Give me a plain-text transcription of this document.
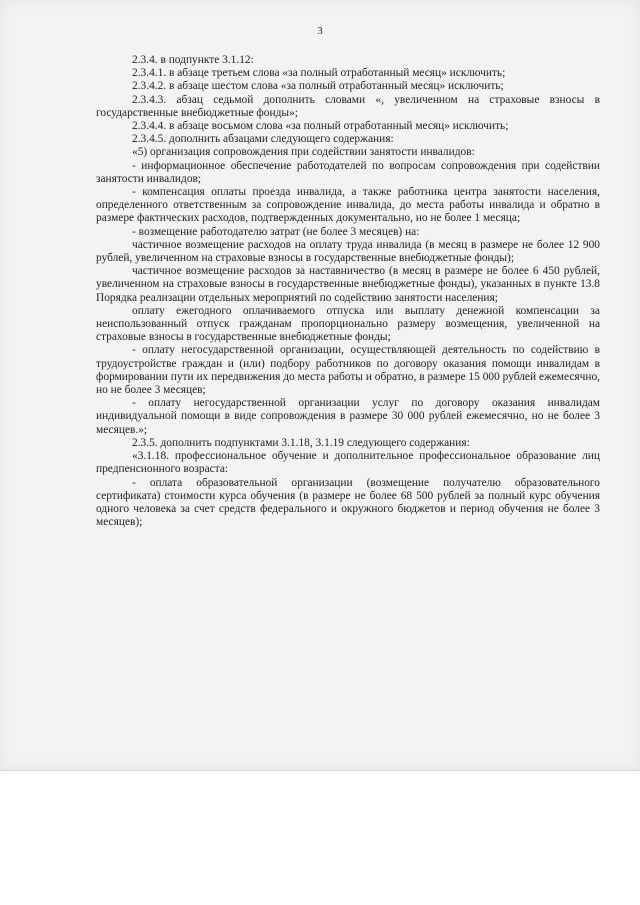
3

2.3.4. в подпункте 3.1.12:

2.3.4.1. в абзаце третьем слова «за полный отработанный месяц» исключить;

2.3.4.2. в абзаце шестом слова «за полный отработанный месяц» исключить;

2.3.4.3. абзац седьмой дополнить словами «, увеличенном на страховые взносы в государственные внебюджетные фонды»;

2.3.4.4. в абзаце восьмом слова «за полный отработанный месяц» исключить;

2.3.4.5. дополнить абзацами следующего содержания:

«5) организация сопровождения при содействии занятости инвалидов:

- информационное обеспечение работодателей по вопросам сопровождения при содействии занятости инвалидов;

- компенсация оплаты проезда инвалида, а также работника центра занятости населения, определенного ответственным за сопровождение инвалида, до места работы инвалида и обратно в размере фактических расходов, подтвержденных документально, но не более 1 месяца;

- возмещение работодателю затрат (не более 3 месяцев) на:

частичное возмещение расходов на оплату труда инвалида (в месяц в размере не более 12 900 рублей, увеличенном на страховые взносы в государственные внебюджетные фонды);

частичное возмещение расходов за наставничество (в месяц в размере не более 6 450 рублей, увеличенном на страховые взносы в государственные внебюджетные фонды), указанных в пункте 13.8 Порядка реализации отдельных мероприятий по содействию занятости населения;

оплату ежегодного оплачиваемого отпуска или выплату денежной компенсации за неиспользованный отпуск гражданам пропорционально размеру возмещения, увеличенной на страховые взносы в государственные внебюджетные фонды;

- оплату негосударственной организации, осуществляющей деятельность по содействию в трудоустройстве граждан и (или) подбору работников по договору оказания помощи инвалидам в формировании пути их передвижения до места работы и обратно, в размере 15 000 рублей ежемесячно, но не более 3 месяцев;

- оплату негосударственной организации услуг по договору оказания инвалидам индивидуальной помощи в виде сопровождения в размере 30 000 рублей ежемесячно, но не более 3 месяцев.»;

2.3.5. дополнить подпунктами 3.1.18, 3.1.19 следующего содержания:

«3.1.18. профессиональное обучение и дополнительное профессиональное образование лиц предпенсионного возраста:

- оплата образовательной организации (возмещение получателю образовательного сертификата) стоимости курса обучения (в размере не более 68 500 рублей за полный курс обучения одного человека за счет средств федерального и окружного бюджетов и период обучения не более 3 месяцев);
